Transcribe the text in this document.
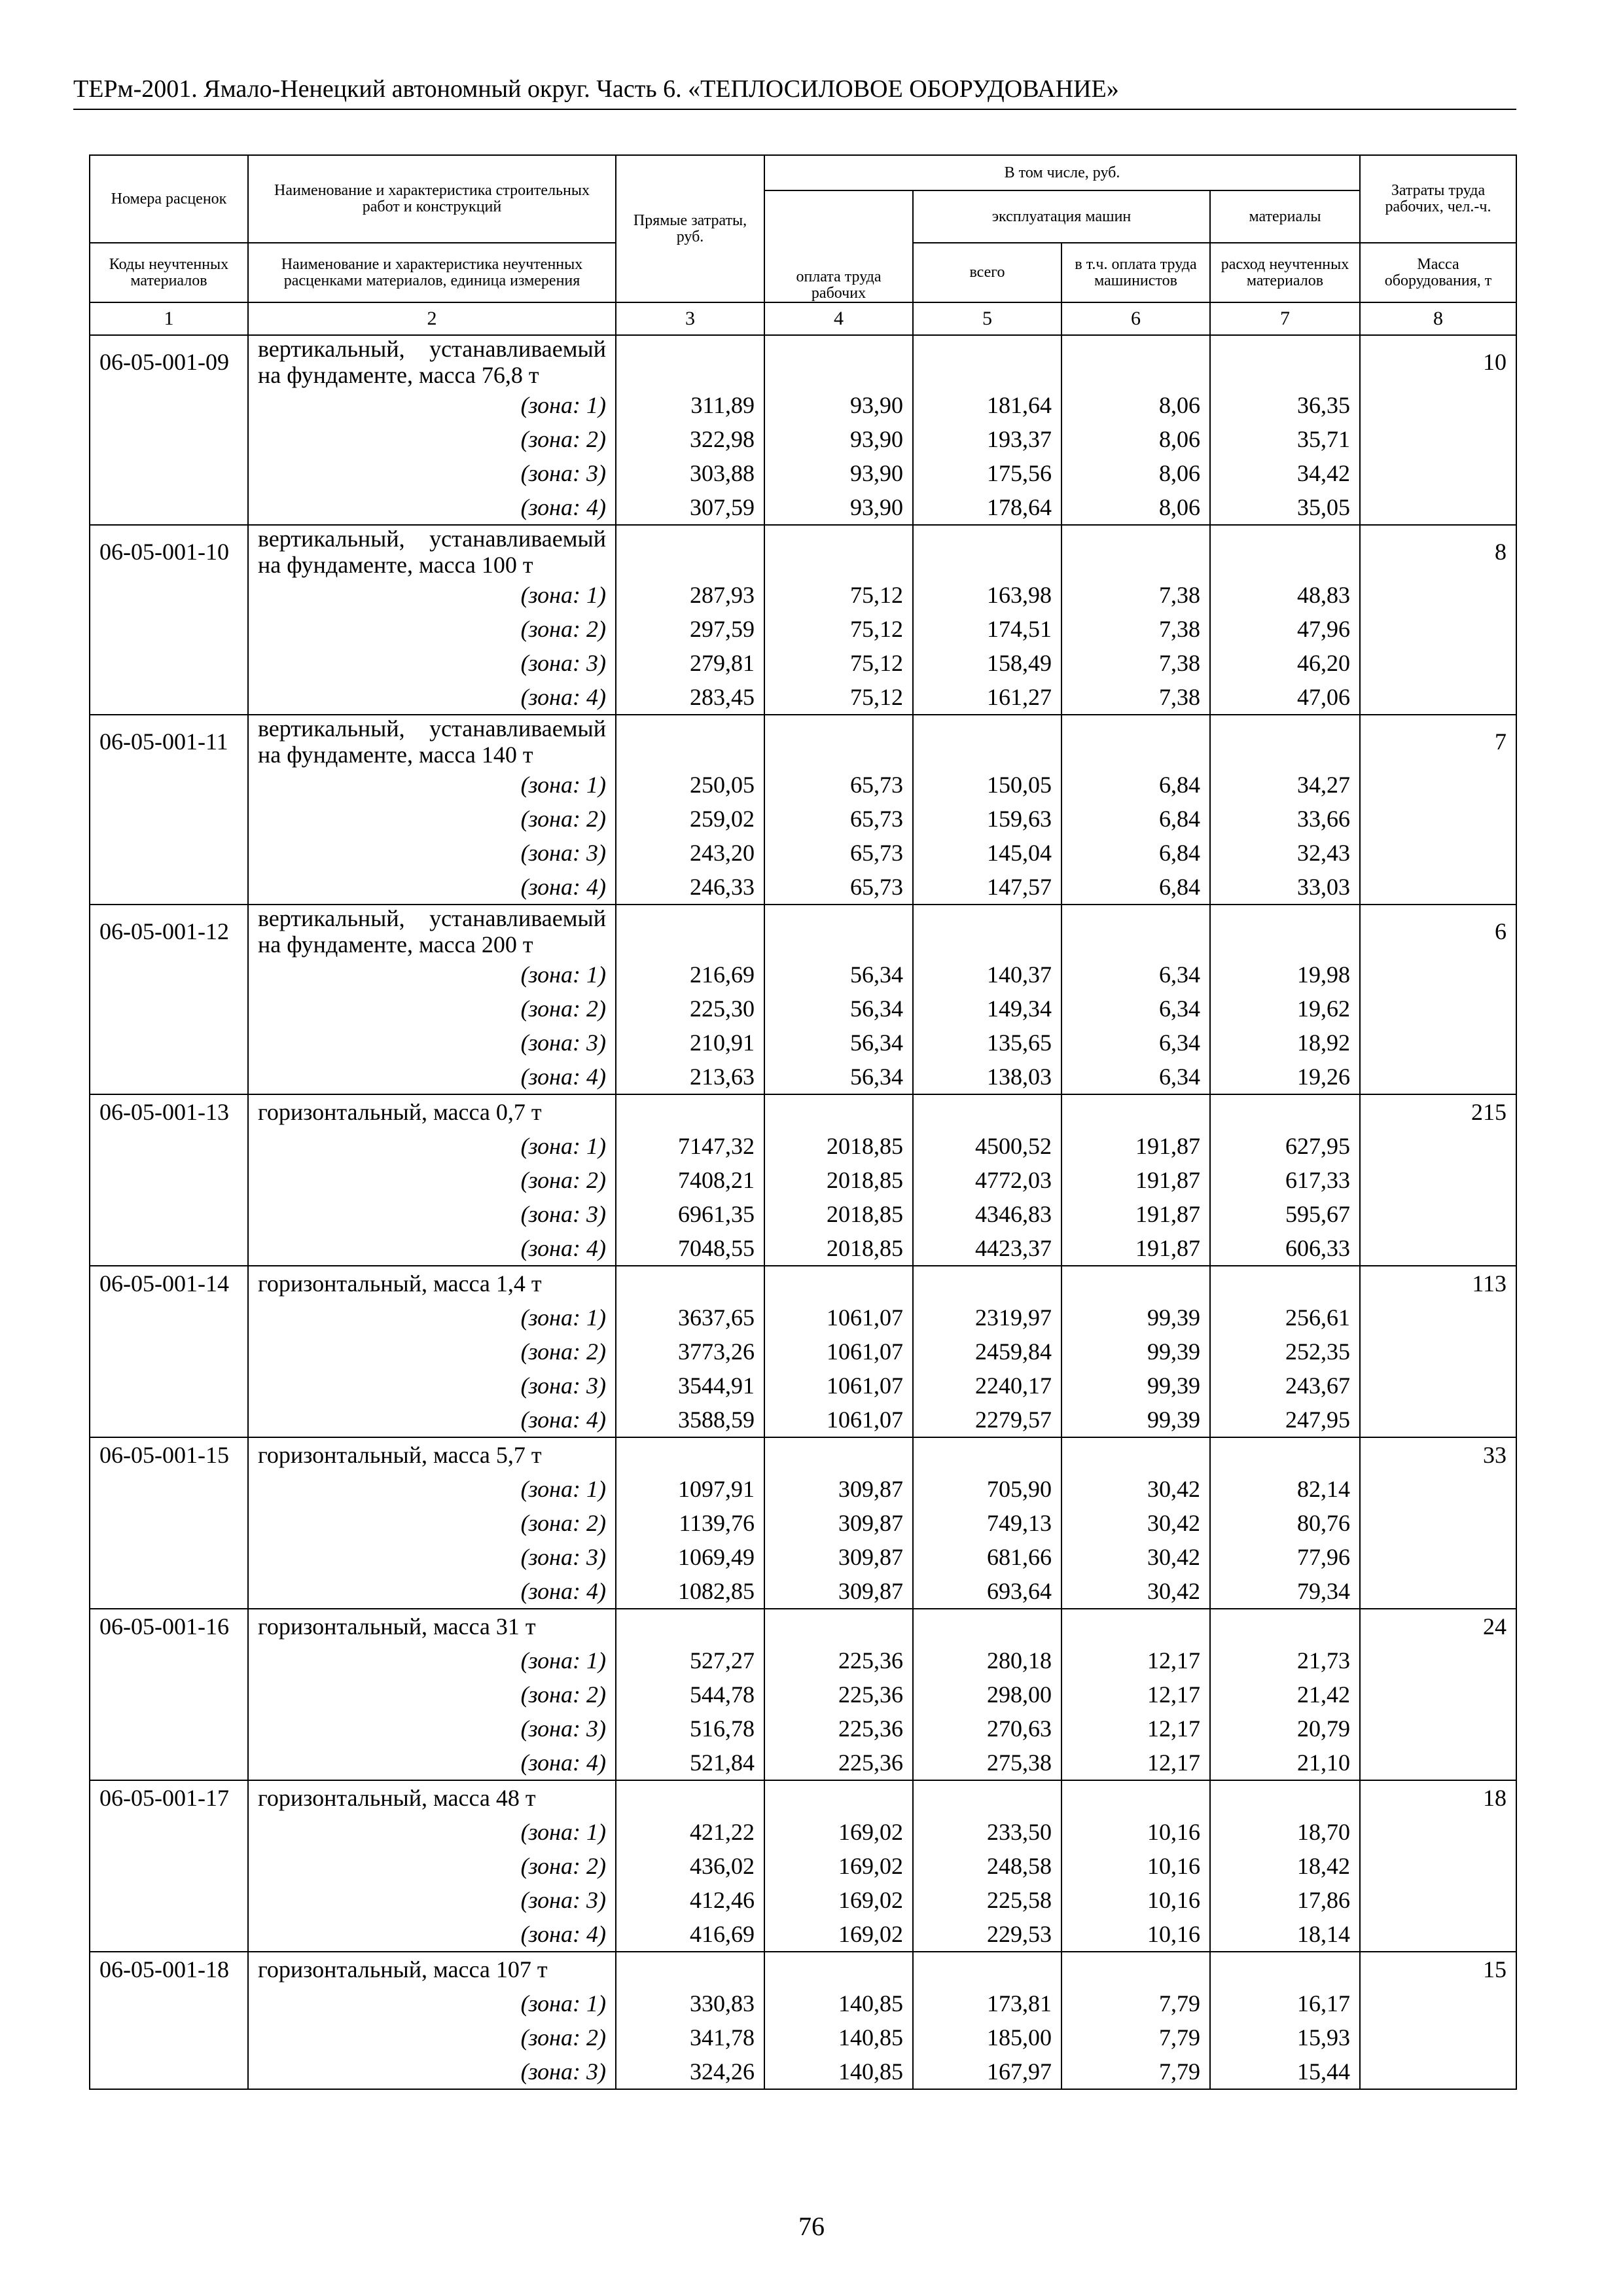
ТЕРм-2001. Ямало-Ненецкий автономный округ. Часть 6. «ТЕПЛОСИЛОВОЕ ОБОРУДОВАНИЕ»
Номера расценок	Наименование и характеристика строительных работ и конструкций	Прямые затраты, руб.	В том числе, руб.				Затраты труда рабочих, чел.-ч.
				эксплуатация машин		материалы	
Коды неучтенных материалов	Наименование и характеристика неучтенных расценками материалов, единица измерения			всего	в т.ч. оплата труда машинистов	расход неучтенных материалов	Масса оборудования, т
			оплата труда рабочих				
1	2	3	4	5	6	7	8
06-05-001-09	вертикальный, устанавливаемый на фундаменте, масса 76,8 т						10
	(зона: 1)	311,89	93,90	181,64	8,06	36,35	
	(зона: 2)	322,98	93,90	193,37	8,06	35,71	
	(зона: 3)	303,88	93,90	175,56	8,06	34,42	
	(зона: 4)	307,59	93,90	178,64	8,06	35,05	
06-05-001-10	вертикальный, устанавливаемый на фундаменте, масса 100 т						8
	(зона: 1)	287,93	75,12	163,98	7,38	48,83	
	(зона: 2)	297,59	75,12	174,51	7,38	47,96	
	(зона: 3)	279,81	75,12	158,49	7,38	46,20	
	(зона: 4)	283,45	75,12	161,27	7,38	47,06	
06-05-001-11	вертикальный, устанавливаемый на фундаменте, масса 140 т						7
	(зона: 1)	250,05	65,73	150,05	6,84	34,27	
	(зона: 2)	259,02	65,73	159,63	6,84	33,66	
	(зона: 3)	243,20	65,73	145,04	6,84	32,43	
	(зона: 4)	246,33	65,73	147,57	6,84	33,03	
06-05-001-12	вертикальный, устанавливаемый на фундаменте, масса 200 т						6
	(зона: 1)	216,69	56,34	140,37	6,34	19,98	
	(зона: 2)	225,30	56,34	149,34	6,34	19,62	
	(зона: 3)	210,91	56,34	135,65	6,34	18,92	
	(зона: 4)	213,63	56,34	138,03	6,34	19,26	
06-05-001-13	горизонтальный, масса 0,7 т						215
	(зона: 1)	7147,32	2018,85	4500,52	191,87	627,95	
	(зона: 2)	7408,21	2018,85	4772,03	191,87	617,33	
	(зона: 3)	6961,35	2018,85	4346,83	191,87	595,67	
	(зона: 4)	7048,55	2018,85	4423,37	191,87	606,33	
06-05-001-14	горизонтальный, масса 1,4 т						113
	(зона: 1)	3637,65	1061,07	2319,97	99,39	256,61	
	(зона: 2)	3773,26	1061,07	2459,84	99,39	252,35	
	(зона: 3)	3544,91	1061,07	2240,17	99,39	243,67	
	(зона: 4)	3588,59	1061,07	2279,57	99,39	247,95	
06-05-001-15	горизонтальный, масса 5,7 т						33
	(зона: 1)	1097,91	309,87	705,90	30,42	82,14	
	(зона: 2)	1139,76	309,87	749,13	30,42	80,76	
	(зона: 3)	1069,49	309,87	681,66	30,42	77,96	
	(зона: 4)	1082,85	309,87	693,64	30,42	79,34	
06-05-001-16	горизонтальный, масса 31 т						24
	(зона: 1)	527,27	225,36	280,18	12,17	21,73	
	(зона: 2)	544,78	225,36	298,00	12,17	21,42	
	(зона: 3)	516,78	225,36	270,63	12,17	20,79	
	(зона: 4)	521,84	225,36	275,38	12,17	21,10	
06-05-001-17	горизонтальный, масса 48 т						18
	(зона: 1)	421,22	169,02	233,50	10,16	18,70	
	(зона: 2)	436,02	169,02	248,58	10,16	18,42	
	(зона: 3)	412,46	169,02	225,58	10,16	17,86	
	(зона: 4)	416,69	169,02	229,53	10,16	18,14	
06-05-001-18	горизонтальный, масса 107 т						15
	(зона: 1)	330,83	140,85	173,81	7,79	16,17	
	(зона: 2)	341,78	140,85	185,00	7,79	15,93	
	(зона: 3)	324,26	140,85	167,97	7,79	15,44	
76
